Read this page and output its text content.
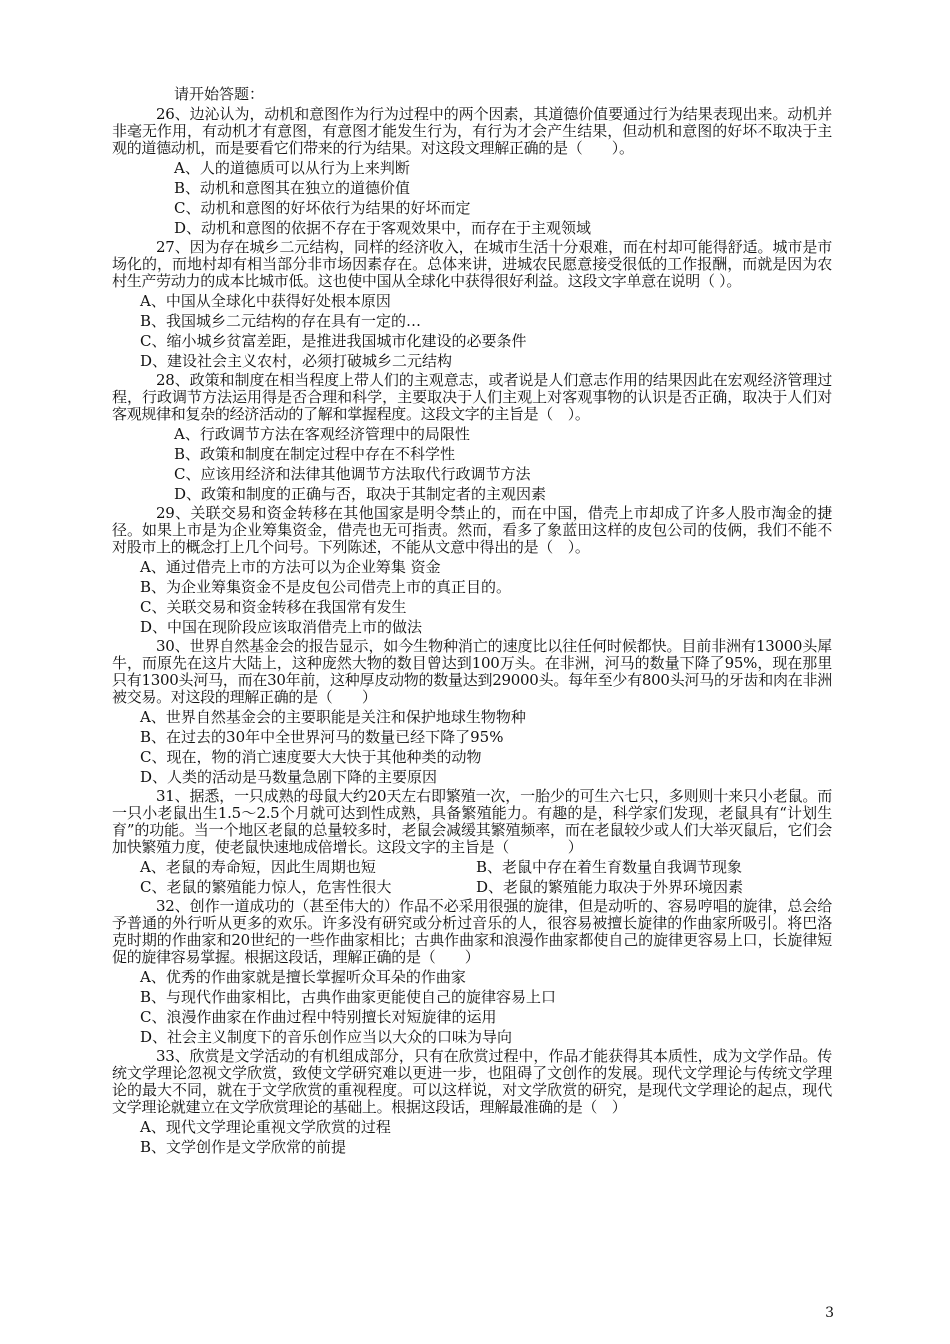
请开始答题：

26、边沁认为，动机和意图作为行为过程中的两个因素，其道德价值要通过行为结果表现出来。动机并非毫无作用，有动机才有意图，有意图才能发生行为，有行为才会产生结果，但动机和意图的好坏不取决于主观的道德动机，而是要看它们带来的行为结果。对这段文理解正确的是（　　）。

A、人的道德质可以从行为上来判断

B、动机和意图其在独立的道德价值

C、动机和意图的好坏依行为结果的好坏而定

D、动机和意图的依据不存在于客观效果中，而存在于主观领域

27、因为存在城乡二元结构，同样的经济收入，在城市生活十分艰难，而在村却可能得舒适。城市是市场化的，而地村却有相当部分非市场因素存在。总体来讲，进城农民愿意接受很低的工作报酬，而就是因为农村生产劳动力的成本比城市低。这也使中国从全球化中获得很好利益。这段文字单意在说明（ ）。

A、中国从全球化中获得好处根本原因

B、我国城乡二元结构的存在具有一定的…

C、缩小城乡贫富差距，是推进我国城市化建设的必要条件

D、建设社会主义农村，必须打破城乡二元结构

28、政策和制度在相当程度上带人们的主观意志，或者说是人们意志作用的结果因此在宏观经济管理过程，行政调节方法运用得是否合理和科学，主要取决于人们主观上对客观事物的认识是否正确，取决于人们对客观规律和复杂的经济活动的了解和掌握程度。这段文字的主旨是（　）。

A、行政调节方法在客观经济管理中的局限性

B、政策和制度在制定过程中存在不科学性

C、应该用经济和法律其他调节方法取代行政调节方法

D、政策和制度的正确与否，取决于其制定者的主观因素

29、关联交易和资金转移在其他国家是明令禁止的，而在中国，借壳上市却成了许多人股市淘金的捷径。如果上市是为企业筹集资金，借壳也无可指责。然而，看多了象蓝田这样的皮包公司的伎俩，我们不能不对股市上的概念打上几个问号。下列陈述，不能从文意中得出的是（　）。

A、通过借壳上市的方法可以为企业筹集 资金

B、为企业筹集资金不是皮包公司借壳上市的真正目的。

C、关联交易和资金转移在我国常有发生

D、中国在现阶段应该取消借壳上市的做法

30、世界自然基金会的报告显示，如今生物种消亡的速度比以往任何时候都快。目前非洲有13000头犀牛，而原先在这片大陆上，这种庞然大物的数目曾达到100万头。在非洲，河马的数量下降了95%，现在那里只有1300头河马，而在30年前，这种厚皮动物的数量达到29000头。每年至少有800头河马的牙齿和肉在非洲被交易。对这段的理解正确的是（　　）

A、世界自然基金会的主要职能是关注和保护地球生物物种

B、在过去的30年中全世界河马的数量已经下降了95%

C、现在，物的消亡速度要大大快于其他种类的动物

D、人类的活动是马数量急剧下降的主要原因

31、据悉，一只成熟的母鼠大约20天左右即繁殖一次，一胎少的可生六七只，多则则十来只小老鼠。而一只小老鼠出生1.5～2.5个月就可达到性成熟，具备繁殖能力。有趣的是，科学家们发现，老鼠具有“计划生育”的功能。当一个地区老鼠的总量较多时，老鼠会减缓其繁殖频率，而在老鼠较少或人们大举灭鼠后，它们会加快繁殖力度，使老鼠快速地成倍增长。这段文字的主旨是（　　　　）

A、老鼠的寿命短，因此生周期也短	B、老鼠中存在着生育数量自我调节现象
C、老鼠的繁殖能力惊人，危害性很大	D、老鼠的繁殖能力取决于外界环境因素

32、创作一道成功的（甚至伟大的）作品不必采用很强的旋律，但是动听的、容易哼唱的旋律，总会给予普通的外行听从更多的欢乐。许多没有研究或分析过音乐的人，很容易被擅长旋律的作曲家所吸引。将巴洛克时期的作曲家和20世纪的一些作曲家相比；古典作曲家和浪漫作曲家都使自己的旋律更容易上口，长旋律短促的旋律容易掌握。根据这段话，理解正确的是（　　）

A、优秀的作曲家就是擅长掌握听众耳朵的作曲家

B、与现代作曲家相比，古典作曲家更能使自己的旋律容易上口

C、浪漫作曲家在作曲过程中特别擅长对短旋律的运用

D、社会主义制度下的音乐创作应当以大众的口味为导向

33、欣赏是文学活动的有机组成部分，只有在欣赏过程中，作品才能获得其本质性，成为文学作品。传统文学理论忽视文学欣赏，致使文学研究难以更进一步，也阻碍了文创作的发展。现代文学理论与传统文学理论的最大不同，就在于文学欣赏的重视程度。可以这样说，对文学欣赏的研究，是现代文学理论的起点，现代文学理论就建立在文学欣赏理论的基础上。根据这段话，理解最准确的是（　）

A、现代文学理论重视文学欣赏的过程

B、文学创作是文学欣常的前提

3
